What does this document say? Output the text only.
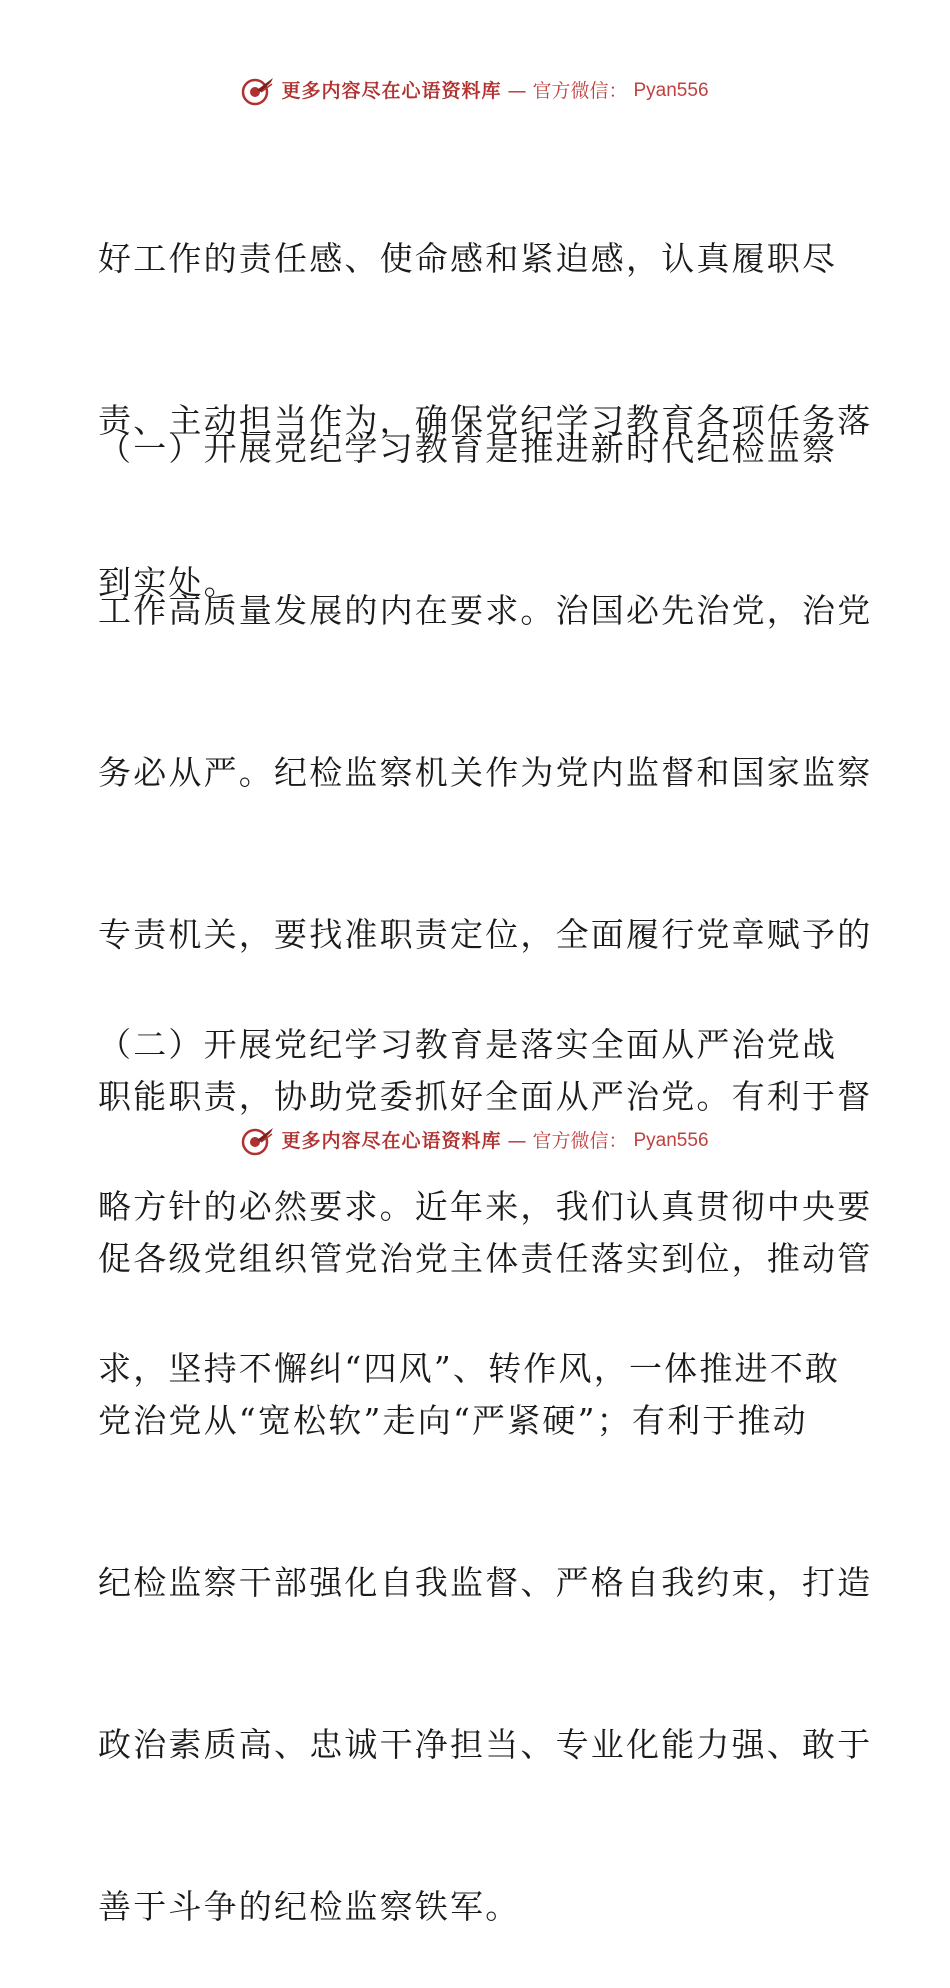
更多内容尽在心语资料库 — 官方微信： Pyan556

好工作的责任感、使命感和紧迫感，认真履职尽

责、主动担当作为，确保党纪学习教育各项任务落

到实处。

（一）开展党纪学习教育是推进新时代纪检监察

工作高质量发展的内在要求。治国必先治党，治党

务必从严。纪检监察机关作为党内监督和国家监察

专责机关，要找准职责定位，全面履行党章赋予的

职能职责，协助党委抓好全面从严治党。有利于督

促各级党组织管党治党主体责任落实到位，推动管

党治党从“宽松软”走向“严紧硬”；有利于推动

纪检监察干部强化自我监督、严格自我约束，打造

政治素质高、忠诚干净担当、专业化能力强、敢于

善于斗争的纪检监察铁军。

（二）开展党纪学习教育是落实全面从严治党战

略方针的必然要求。近年来，我们认真贯彻中央要

求，坚持不懈纠“四风”、转作风，一体推进不敢

更多内容尽在心语资料库 — 官方微信： Pyan556
